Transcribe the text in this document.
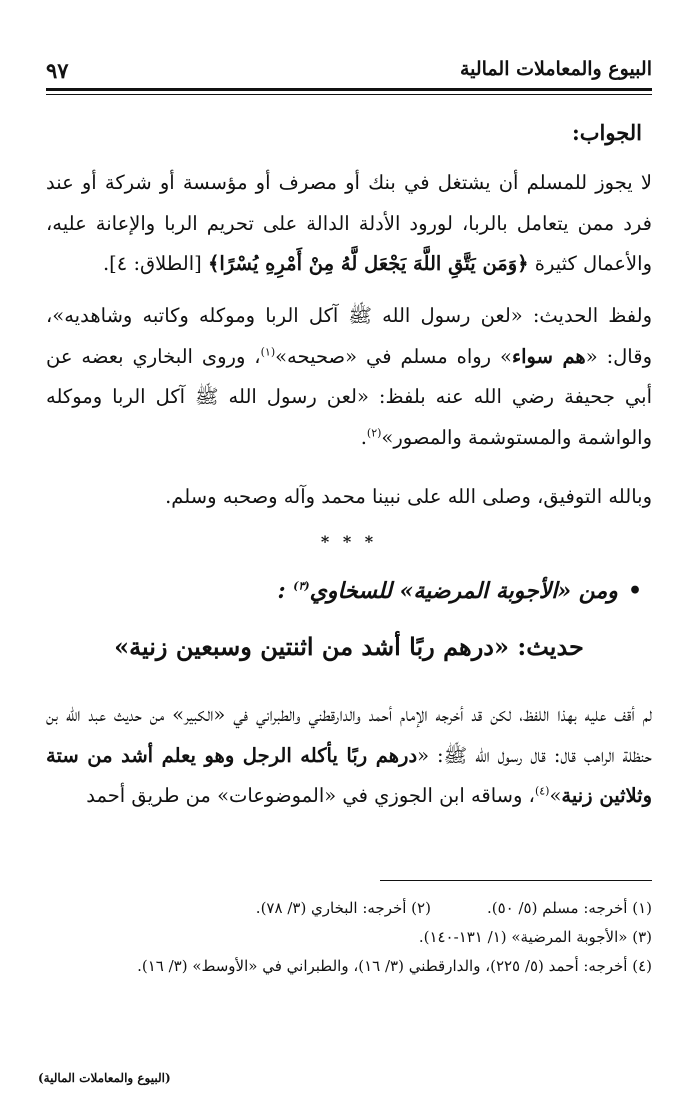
البيوع والمعاملات المالية
٩٧
الجواب:

لا يجوز للمسلم أن يشتغل في بنك أو مصرف أو مؤسسة أو شركة أو عند فرد ممن يتعامل بالربا، لورود الأدلة الدالة على تحريم الربا والإعانة عليه، والأعمال كثيرة ﴿وَمَن يَتَّقِ اللَّهَ يَجْعَل لَّهُ مِنْ أَمْرِهِ يُسْرًا﴾ [الطلاق: ٤].

ولفظ الحديث: «لعن رسول الله ﷺ آكل الربا وموكله وكاتبه وشاهديه»، وقال: «هم سواء» رواه مسلم في «صحيحه»$^{(١)}$، وروى البخاري بعضه عن أبي جحيفة رضي الله عنه بلفظ: «لعن رسول الله ﷺ آكل الربا وموكله والواشمة والمستوشمة والمصور»$^{(٢)}$.

وبالله التوفيق، وصلى الله على نبينا محمد وآله وصحبه وسلم.

* * *
•ومن «الأجوبة المرضية» للسخاوي$^{(٣)}$ :
حديث: «درهم ربًا أشد من اثنتين وسبعين زنية»

لم أقف عليه بهذا اللفظ، لكن قد أخرجه الإمام أحمد والدارقطني والطبراني في «الكبير» من حديث عبد الله بن حنظلة الراهب قال: قال رسول الله ﷺ: «درهم ربًا يأكله الرجل وهو يعلم أشد من ستة وثلاثين زنية»$^{(٤)}$، وساقه ابن الجوزي في «الموضوعات» من طريق أحمد

(١) أخرجه: مسلم (٥/ ٥٠).(٢) أخرجه: البخاري (٣/ ٧٨).
(٣) «الأجوبة المرضية» (١/ ١٣١-١٤٠).
(٤) أخرجه: أحمد (٥/ ٢٢٥)، والدارقطني (٣/ ١٦)، والطبراني في «الأوسط» (٣/ ١٦).
(البيوع والمعاملات المالية)
